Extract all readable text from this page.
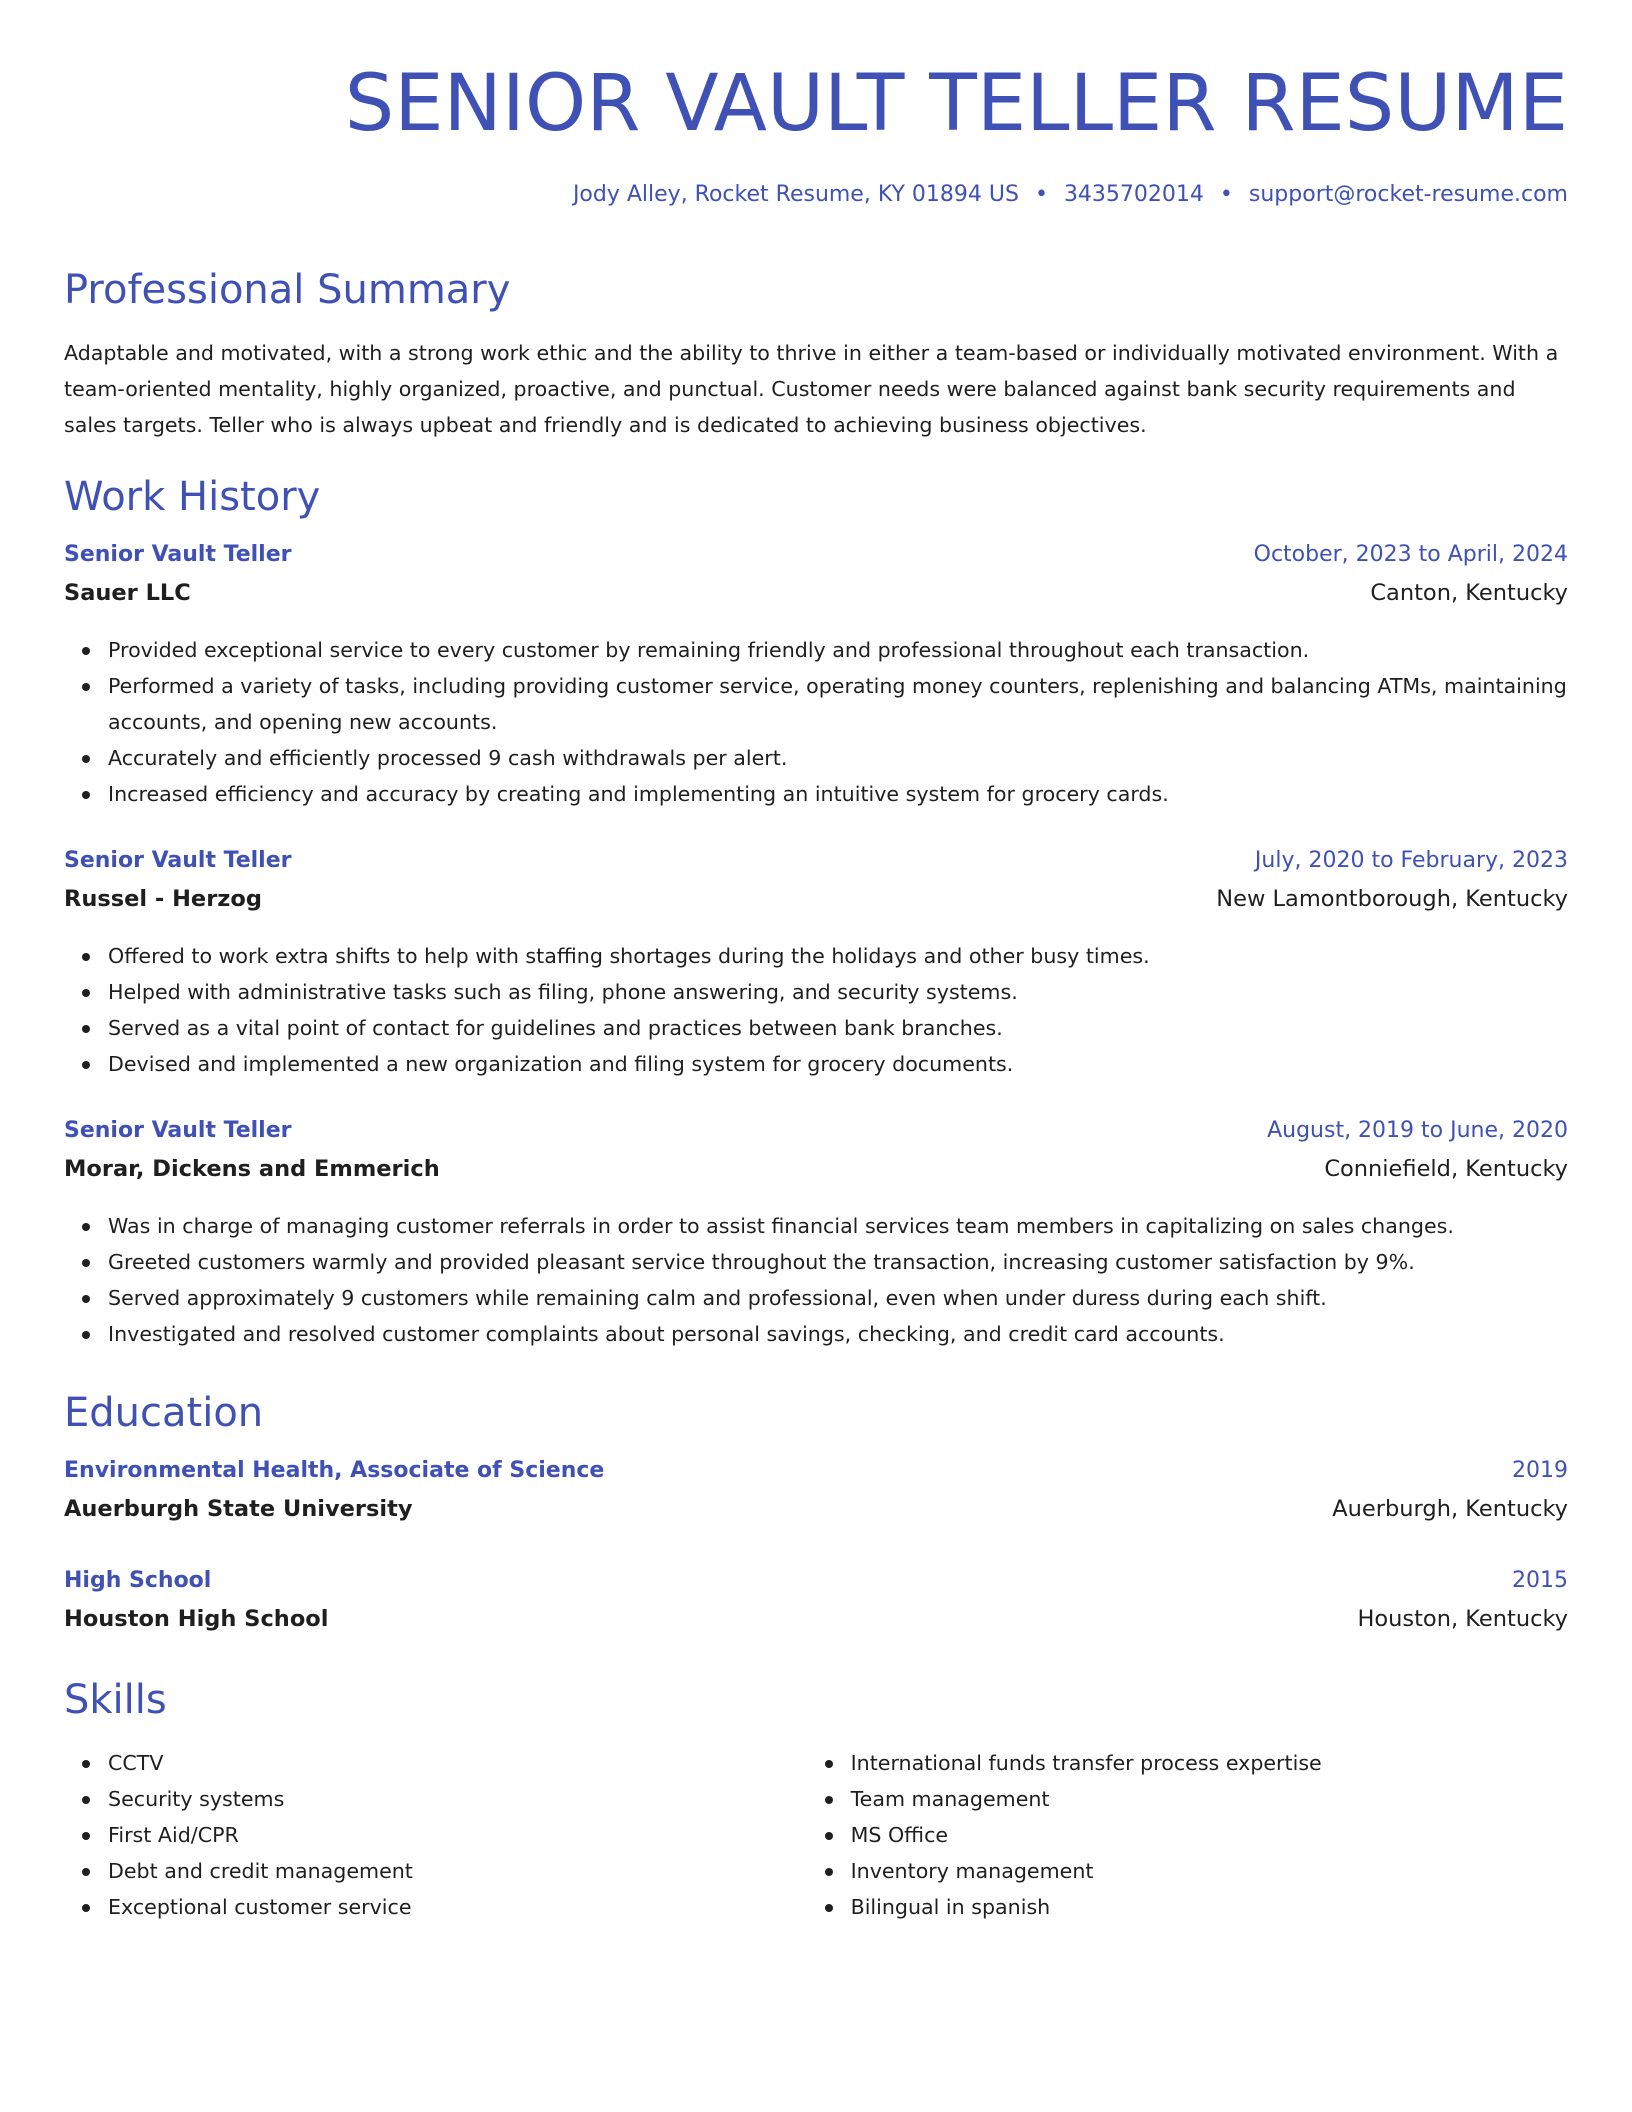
SENIOR VAULT TELLER RESUME
Jody Alley, Rocket Resume, KY 01894 US • 3435702014 • support@rocket-resume.com
Professional Summary

Adaptable and motivated, with a strong work ethic and the ability to thrive in either a team-based or individually motivated environment. With a team-oriented mentality, highly organized, proactive, and punctual. Customer needs were balanced against bank security requirements and sales targets. Teller who is always upbeat and friendly and is dedicated to achieving business objectives.

Work History
Senior Vault Teller	October, 2023 to April, 2024
Sauer LLC	Canton, Kentucky
Provided exceptional service to every customer by remaining friendly and professional throughout each transaction.
Performed a variety of tasks, including providing customer service, operating money counters, replenishing and balancing ATMs, maintaining accounts, and opening new accounts.
Accurately and efficiently processed 9 cash withdrawals per alert.
Increased efficiency and accuracy by creating and implementing an intuitive system for grocery cards.
Senior Vault Teller	July, 2020 to February, 2023
Russel - Herzog	New Lamontborough, Kentucky
Offered to work extra shifts to help with staffing shortages during the holidays and other busy times.
Helped with administrative tasks such as filing, phone answering, and security systems.
Served as a vital point of contact for guidelines and practices between bank branches.
Devised and implemented a new organization and filing system for grocery documents.
Senior Vault Teller	August, 2019 to June, 2020
Morar, Dickens and Emmerich	Conniefield, Kentucky
Was in charge of managing customer referrals in order to assist financial services team members in capitalizing on sales changes.
Greeted customers warmly and provided pleasant service throughout the transaction, increasing customer satisfaction by 9%.
Served approximately 9 customers while remaining calm and professional, even when under duress during each shift.
Investigated and resolved customer complaints about personal savings, checking, and credit card accounts.
Education
Environmental Health, Associate of Science	2019
Auerburgh State University	Auerburgh, Kentucky
High School	2015
Houston High School	Houston, Kentucky
Skills
CCTV
Security systems
First Aid/CPR
Debt and credit management
Exceptional customer service
International funds transfer process expertise
Team management
MS Office
Inventory management
Bilingual in spanish
